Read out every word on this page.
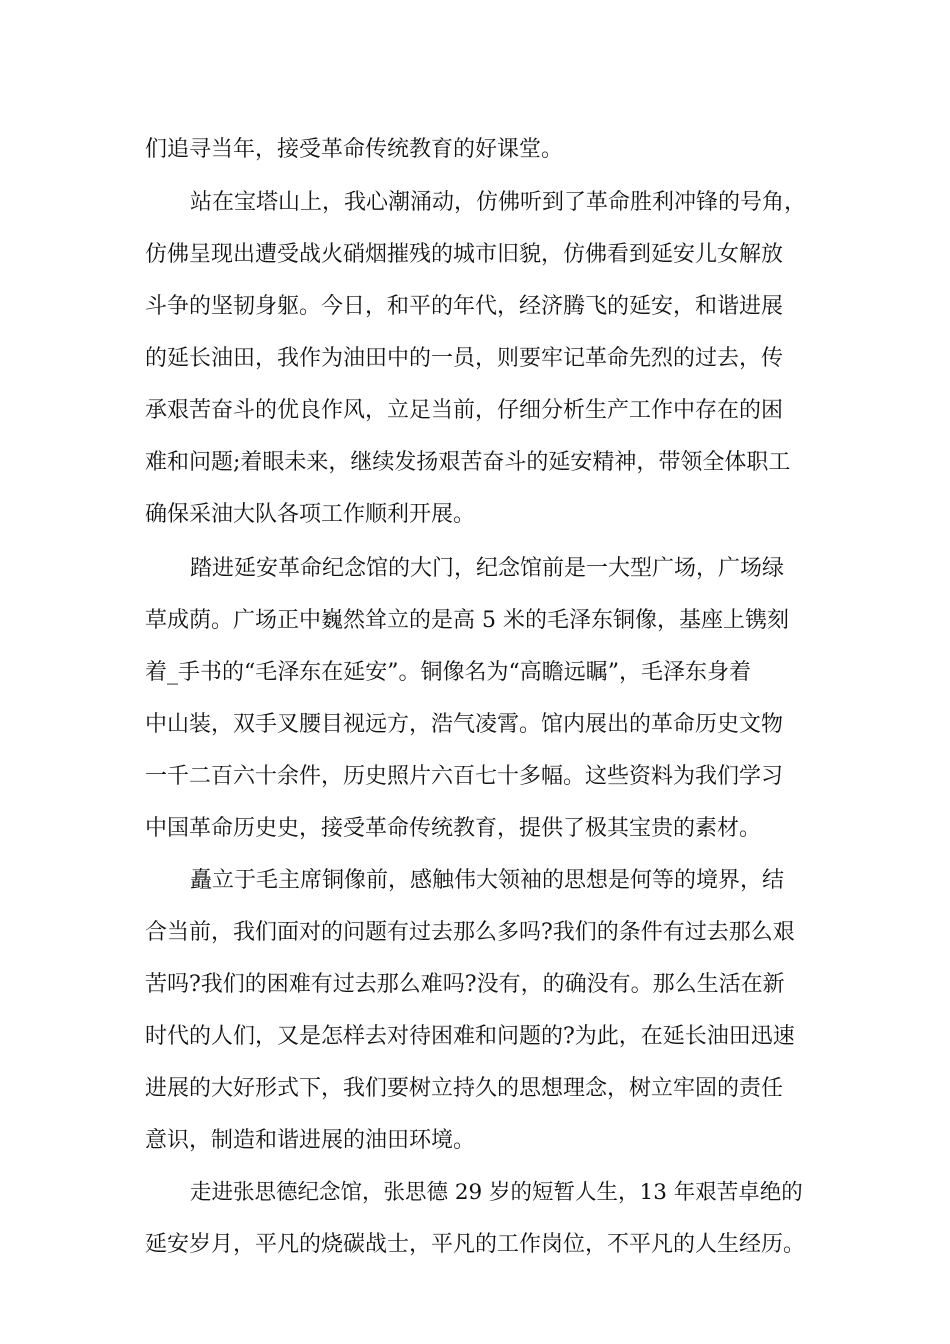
们追寻当年，接受革命传统教育的好课堂。

站在宝塔山上，我心潮涌动，仿佛听到了革命胜利冲锋的号角，

仿佛呈现出遭受战火硝烟摧残的城市旧貌，仿佛看到延安儿女解放

斗争的坚韧身躯。今日，和平的年代，经济腾飞的延安，和谐进展

的延长油田，我作为油田中的一员，则要牢记革命先烈的过去，传

承艰苦奋斗的优良作风，立足当前，仔细分析生产工作中存在的困

难和问题;着眼未来，继续发扬艰苦奋斗的延安精神，带领全体职工

确保采油大队各项工作顺利开展。

踏进延安革命纪念馆的大门，纪念馆前是一大型广场，广场绿

草成荫。广场正中巍然耸立的是高 5 米的毛泽东铜像，基座上镌刻

着_手书的“毛泽东在延安”。铜像名为“高瞻远瞩”，毛泽东身着

中山装，双手叉腰目视远方，浩气凌霄。馆内展出的革命历史文物

一千二百六十余件，历史照片六百七十多幅。这些资料为我们学习

中国革命历史史，接受革命传统教育，提供了极其宝贵的素材。

矗立于毛主席铜像前，感触伟大领袖的思想是何等的境界，结

合当前，我们面对的问题有过去那么多吗?我们的条件有过去那么艰

苦吗?我们的困难有过去那么难吗?没有，的确没有。那么生活在新

时代的人们，又是怎样去对待困难和问题的?为此，在延长油田迅速

进展的大好形式下，我们要树立持久的思想理念，树立牢固的责任

意识，制造和谐进展的油田环境。

走进张思德纪念馆，张思德 29 岁的短暂人生，13 年艰苦卓绝的

延安岁月，平凡的烧碳战士，平凡的工作岗位，不平凡的人生经历。
